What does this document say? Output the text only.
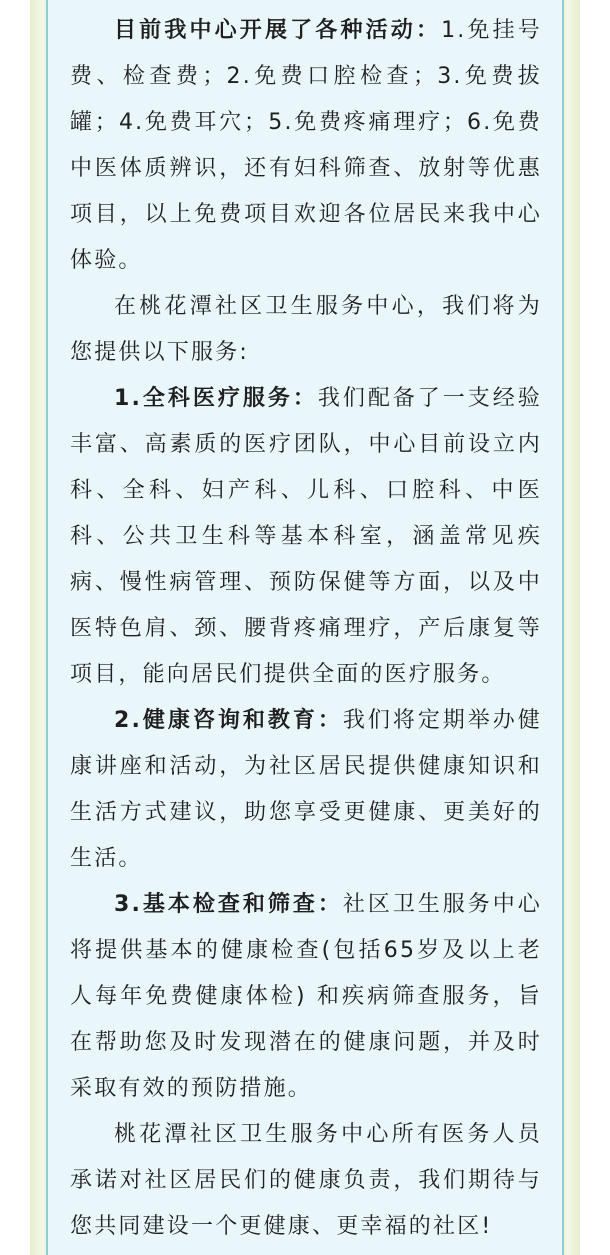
目前我中心开展了各种活动：1.免挂号费、检查费；2.免费口腔检查；3.免费拔罐；4.免费耳穴；5.免费疼痛理疗；6.免费中医体质辨识，还有妇科筛查、放射等优惠项目，以上免费项目欢迎各位居民来我中心体验。

在桃花潭社区卫生服务中心，我们将为您提供以下服务:

1.全科医疗服务：我们配备了一支经验丰富、高素质的医疗团队，中心目前设立内科、全科、妇产科、儿科、口腔科、中医科、公共卫生科等基本科室，涵盖常见疾病、慢性病管理、预防保健等方面，以及中医特色肩、颈、腰背疼痛理疗，产后康复等项目，能向居民们提供全面的医疗服务。

2.健康咨询和教育：我们将定期举办健康讲座和活动，为社区居民提供健康知识和生活方式建议，助您享受更健康、更美好的生活。

3.基本检查和筛查：社区卫生服务中心将提供基本的健康检查(包括65岁及以上老人每年免费健康体检) 和疾病筛查服务，旨在帮助您及时发现潜在的健康问题，并及时采取有效的预防措施。

桃花潭社区卫生服务中心所有医务人员承诺对社区居民们的健康负责，我们期待与您共同建设一个更健康、更幸福的社区!
